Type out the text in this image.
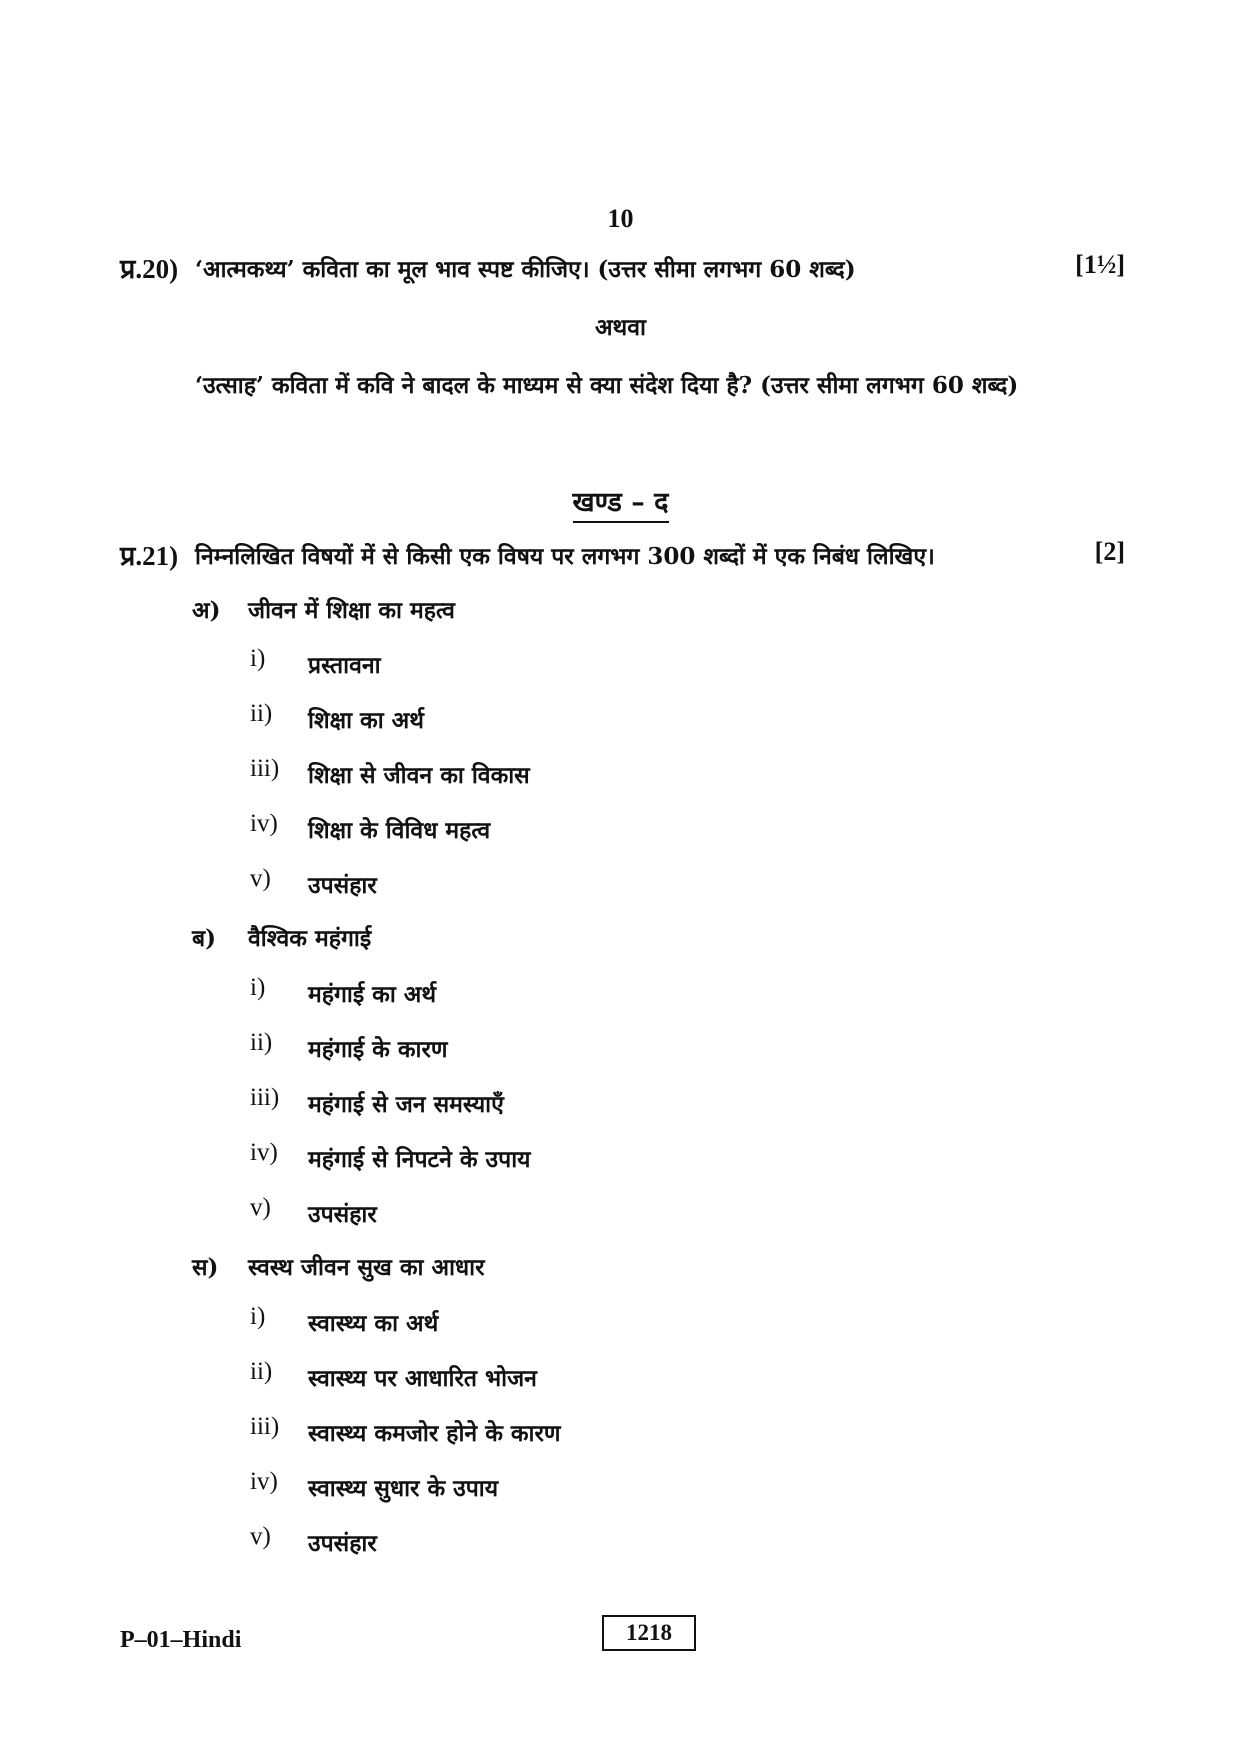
10
प्र.20) ‘आत्मकथ्य’ कविता का मूल भाव स्पष्ट कीजिए। (उत्तर सीमा लगभग 60 शब्द)	[1½]
अथवा
‘उत्साह’ कविता में कवि ने बादल के माध्यम से क्या संदेश दिया है? (उत्तर सीमा लगभग 60 शब्द)
खण्ड – द
प्र.21) निम्नलिखित विषयों में से किसी एक विषय पर लगभग 300 शब्दों में एक निबंध लिखिए।	[2]
अ) जीवन में शिक्षा का महत्व
i) प्रस्तावना
ii) शिक्षा का अर्थ
iii) शिक्षा से जीवन का विकास
iv) शिक्षा के विविध महत्व
v) उपसंहार
ब) वैश्विक महंगाई
i) महंगाई का अर्थ
ii) महंगाई के कारण
iii) महंगाई से जन समस्याएँ
iv) महंगाई से निपटने के उपाय
v) उपसंहार
स) स्वस्थ जीवन सुख का आधार
i) स्वास्थ्य का अर्थ
ii) स्वास्थ्य पर आधारित भोजन
iii) स्वास्थ्य कमजोर होने के कारण
iv) स्वास्थ्य सुधार के उपाय
v) उपसंहार
P–01–Hindi	1218
